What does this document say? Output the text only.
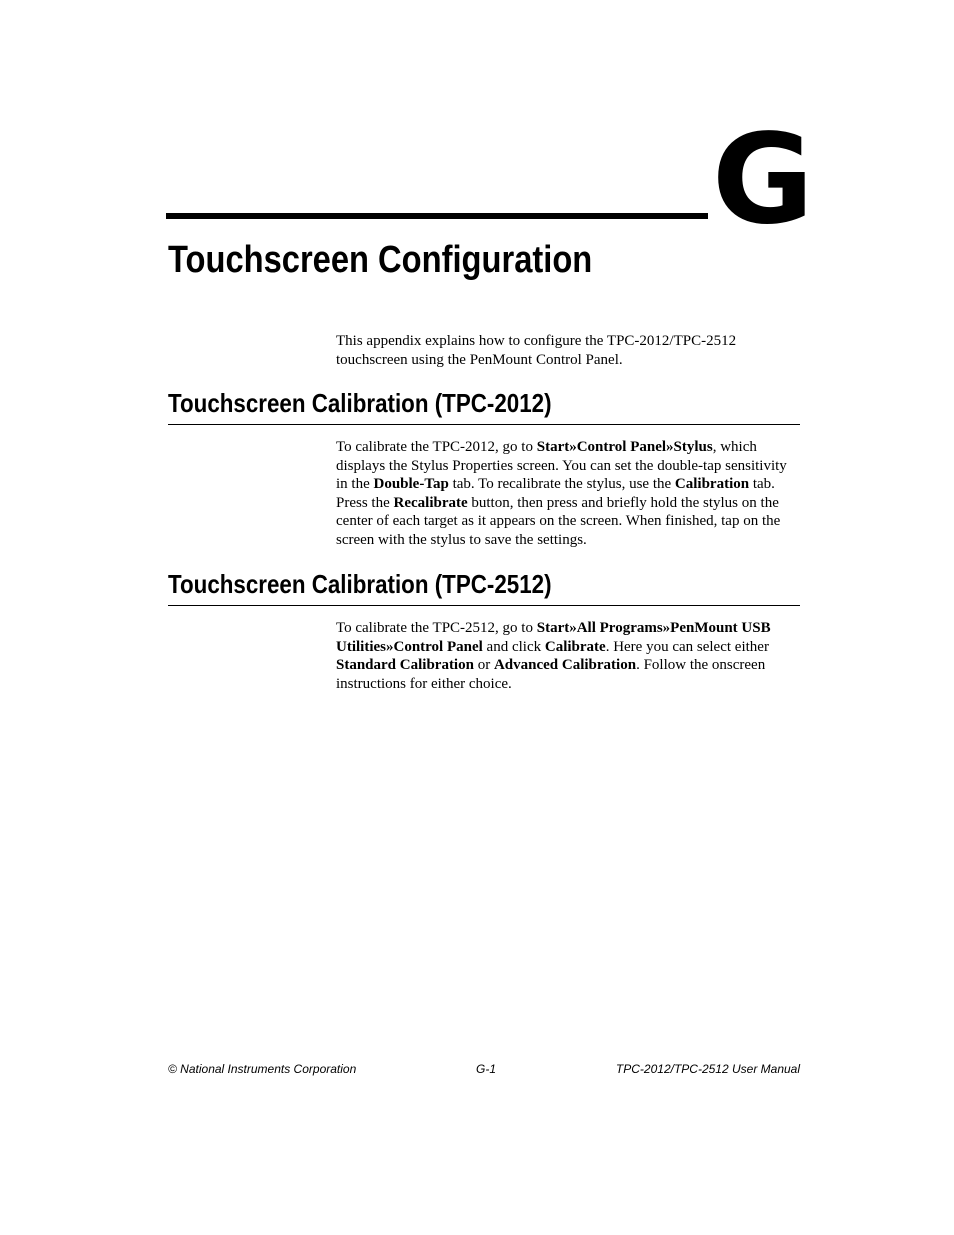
G
Touchscreen Configuration

This appendix explains how to configure the TPC-2012/TPC-2512 touchscreen using the PenMount Control Panel.

Touchscreen Calibration (TPC-2012)

To calibrate the TPC-2012, go to Start»Control Panel»Stylus, which displays the Stylus Properties screen. You can set the double-tap sensitivity in the Double-Tap tab. To recalibrate the stylus, use the Calibration tab. Press the Recalibrate button, then press and briefly hold the stylus on the center of each target as it appears on the screen. When finished, tap on the screen with the stylus to save the settings.

Touchscreen Calibration (TPC-2512)

To calibrate the TPC-2512, go to Start»All Programs»PenMount USB Utilities»Control Panel and click Calibrate. Here you can select either Standard Calibration or Advanced Calibration. Follow the onscreen instructions for either choice.

© National Instruments Corporation	G-1	TPC-2012/TPC-2512 User Manual
